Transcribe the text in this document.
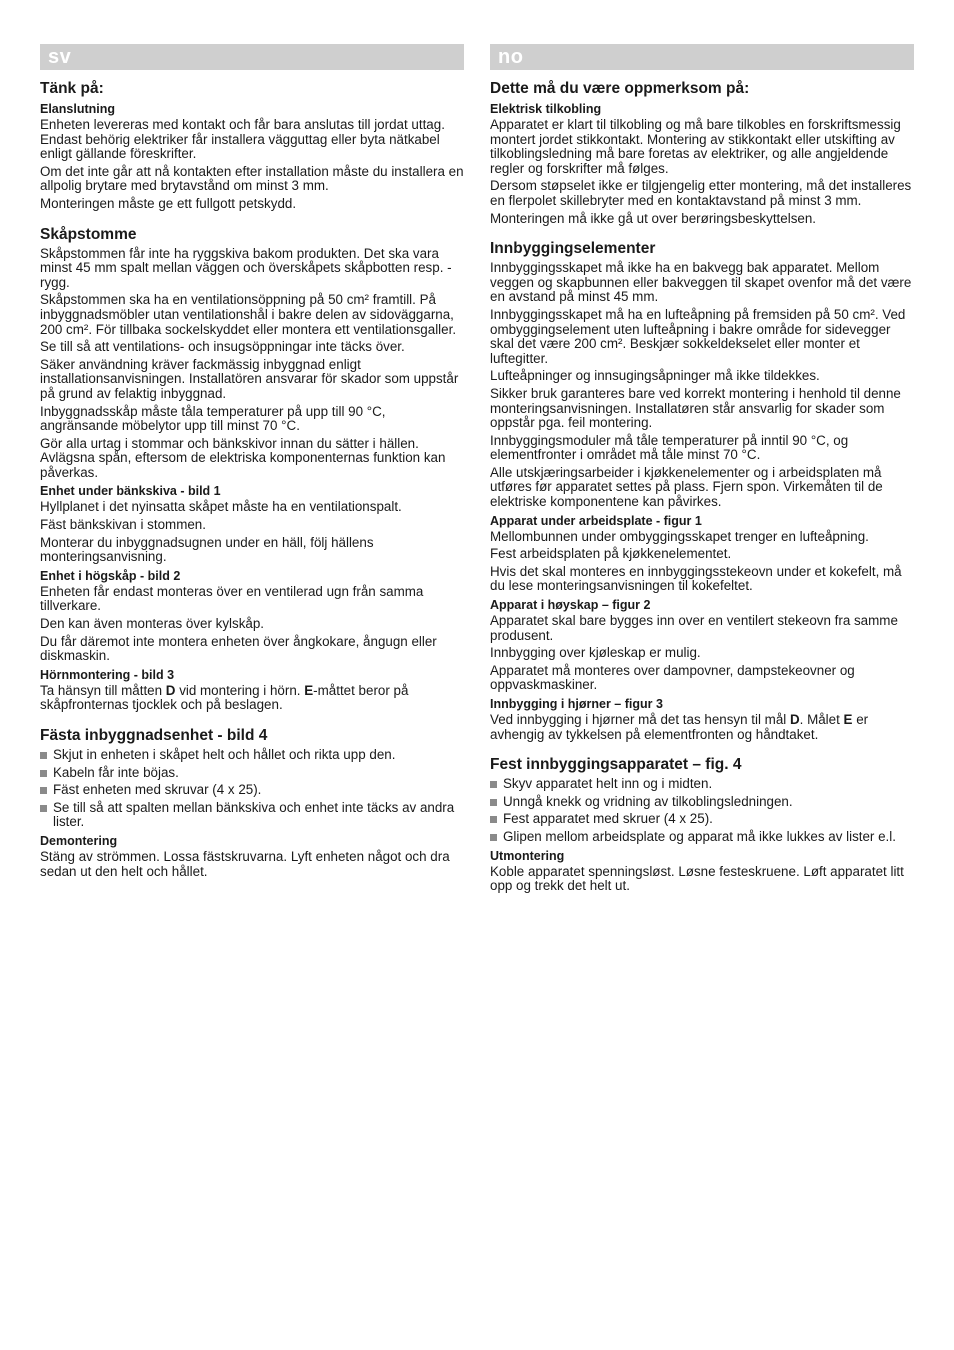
sv
Tänk på:
Elanslutning

Enheten levereras med kontakt och får bara anslutas till jordat uttag. Endast behörig elektriker får installera vägguttag eller byta nätkabel enligt gällande föreskrifter.

Om det inte går att nå kontakten efter installation måste du installera en allpolig brytare med brytavstånd om minst 3 mm.

Monteringen måste ge ett fullgott petskydd.

Skåpstomme

Skåpstommen får inte ha ryggskiva bakom produkten. Det ska vara minst 45 mm spalt mellan väggen och överskåpets skåpbotten resp. -rygg.

Skåpstommen ska ha en ventilationsöppning på 50 cm² framtill. På inbyggnadsmöbler utan ventilationshål i bakre delen av sidoväggarna, 200 cm². För tillbaka sockelskyddet eller montera ett ventilationsgaller.

Se till så att ventilations- och insugsöppningar inte täcks över.

Säker användning kräver fackmässig inbyggnad enligt installationsanvisningen. Installatören ansvarar för skador som uppstår på grund av felaktig inbyggnad.

Inbyggnadsskåp måste tåla temperaturer på upp till 90 °C, angränsande möbelytor upp till minst 70 °C.

Gör alla urtag i stommar och bänkskivor innan du sätter i hällen. Avlägsna spån, eftersom de elektriska komponenternas funktion kan påverkas.

Enhet under bänkskiva - bild 1

Hyllplanet i det nyinsatta skåpet måste ha en ventilationspalt.

Fäst bänkskivan i stommen.

Monterar du inbyggnadsugnen under en häll, följ hällens monteringsanvisning.

Enhet i högskåp - bild 2

Enheten får endast monteras över en ventilerad ugn från samma tillverkare.

Den kan även monteras över kylskåp.

Du får däremot inte montera enheten över ångkokare, ångugn eller diskmaskin.

Hörnmontering - bild 3

Ta hänsyn till måtten D vid montering i hörn. E-måttet beror på skåpfronternas tjocklek och på beslagen.

Fästa inbyggnadsenhet - bild 4
Skjut in enheten i skåpet helt och hållet och rikta upp den.
Kabeln får inte böjas.
Fäst enheten med skruvar (4 x 25).
Se till så att spalten mellan bänkskiva och enhet inte täcks av andra lister.
Demontering

Stäng av strömmen. Lossa fästskruvarna. Lyft enheten något och dra sedan ut den helt och hållet.

no
Dette må du være oppmerksom på:
Elektrisk tilkobling

Apparatet er klart til tilkobling og må bare tilkobles en forskriftsmessig montert jordet stikkontakt. Montering av stikkontakt eller utskifting av tilkoblingsledning må bare foretas av elektriker, og alle angjeldende regler og forskrifter må følges.

Dersom støpselet ikke er tilgjengelig etter montering, må det installeres en flerpolet skillebryter med en kontaktavstand på minst 3 mm.

Monteringen må ikke gå ut over berøringsbeskyttelsen.

Innbyggingselementer

Innbyggingsskapet må ikke ha en bakvegg bak apparatet. Mellom veggen og skapbunnen eller bakveggen til skapet ovenfor må det være en avstand på minst 45 mm.

Innbyggingsskapet må ha en lufteåpning på fremsiden på 50 cm². Ved ombyggingselement uten lufteåpning i bakre område for sidevegger skal det være 200 cm². Beskjær sokkeldekselet eller monter et luftegitter.

Lufteåpninger og innsugingsåpninger må ikke tildekkes.

Sikker bruk garanteres bare ved korrekt montering i henhold til denne monteringsanvisningen. Installatøren står ansvarlig for skader som oppstår pga. feil montering.

Innbyggingsmoduler må tåle temperaturer på inntil 90 °C, og elementfronter i området må tåle minst 70 °C.

Alle utskjæringsarbeider i kjøkkenelementer og i arbeidsplaten må utføres før apparatet settes på plass. Fjern spon. Virkemåten til de elektriske komponentene kan påvirkes.

Apparat under arbeidsplate - figur 1

Mellombunnen under ombyggingsskapet trenger en lufteåpning.

Fest arbeidsplaten på kjøkkenelementet.

Hvis det skal monteres en innbyggingsstekeovn under et kokefelt, må du lese monteringsanvisningen til kokefeltet.

Apparat i høyskap – figur 2

Apparatet skal bare bygges inn over en ventilert stekeovn fra samme produsent.

Innbygging over kjøleskap er mulig.

Apparatet må monteres over dampovner, dampstekeovner og oppvaskmaskiner.

Innbygging i hjørner – figur 3

Ved innbygging i hjørner må det tas hensyn til mål D. Målet E er avhengig av tykkelsen på elementfronten og håndtaket.

Fest innbyggingsapparatet – fig. 4
Skyv apparatet helt inn og i midten.
Unngå knekk og vridning av tilkoblingsledningen.
Fest apparatet med skruer (4 x 25).
Glipen mellom arbeidsplate og apparat må ikke lukkes av lister e.l.
Utmontering

Koble apparatet spenningsløst. Løsne festeskruene. Løft apparatet litt opp og trekk det helt ut.
